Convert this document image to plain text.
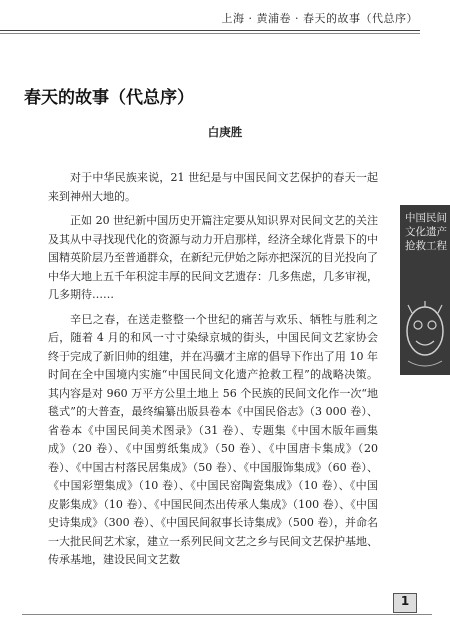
上海 · 黄浦卷 · 春天的故事（代总序）
中国民间文化遗产抢救工程
春天的故事（代总序）
白庚胜

对于中华民族来说，21 世纪是与中国民间文艺保护的春天一起来到神州大地的。

正如 20 世纪新中国历史开篇注定要从知识界对民间文艺的关注及其从中寻找现代化的资源与动力开启那样，经济全球化背景下的中国精英阶层乃至普通群众，在新纪元伊始之际亦把深沉的目光投向了中华大地上五千年积淀丰厚的民间文艺遗存：几多焦虑，几多审视，几多期待……

辛巳之春，在送走整整一个世纪的痛苦与欢乐、牺牲与胜利之后，随着 4 月的和风一寸寸染绿京城的街头，中国民间文艺家协会终于完成了新旧帅的组建，并在冯骥才主席的倡导下作出了用 10 年时间在全中国境内实施“中国民间文化遗产抢救工程”的战略决策。其内容是对 960 万平方公里土地上 56 个民族的民间文化作一次“地毯式”的大普查，最终编纂出版县卷本《中国民俗志》（3 000 卷）、省卷本《中国民间美术图录》（31 卷）、专题集《中国木版年画集成》（20 卷）、《中国剪纸集成》（50 卷）、《中国唐卡集成》（20 卷）、《中国古村落民居集成》（50 卷）、《中国服饰集成》（60 卷）、《中国彩塑集成》（10 卷）、《中国民窑陶瓷集成》（10 卷）、《中国皮影集成》（10 卷）、《中国民间杰出传承人集成》（100 卷）、《中国史诗集成》（300 卷）、《中国民间叙事长诗集成》（500 卷），并命名一大批民间艺术家，建立一系列民间文艺之乡与民间文艺保护基地、传承基地，建设民间文艺数

1
